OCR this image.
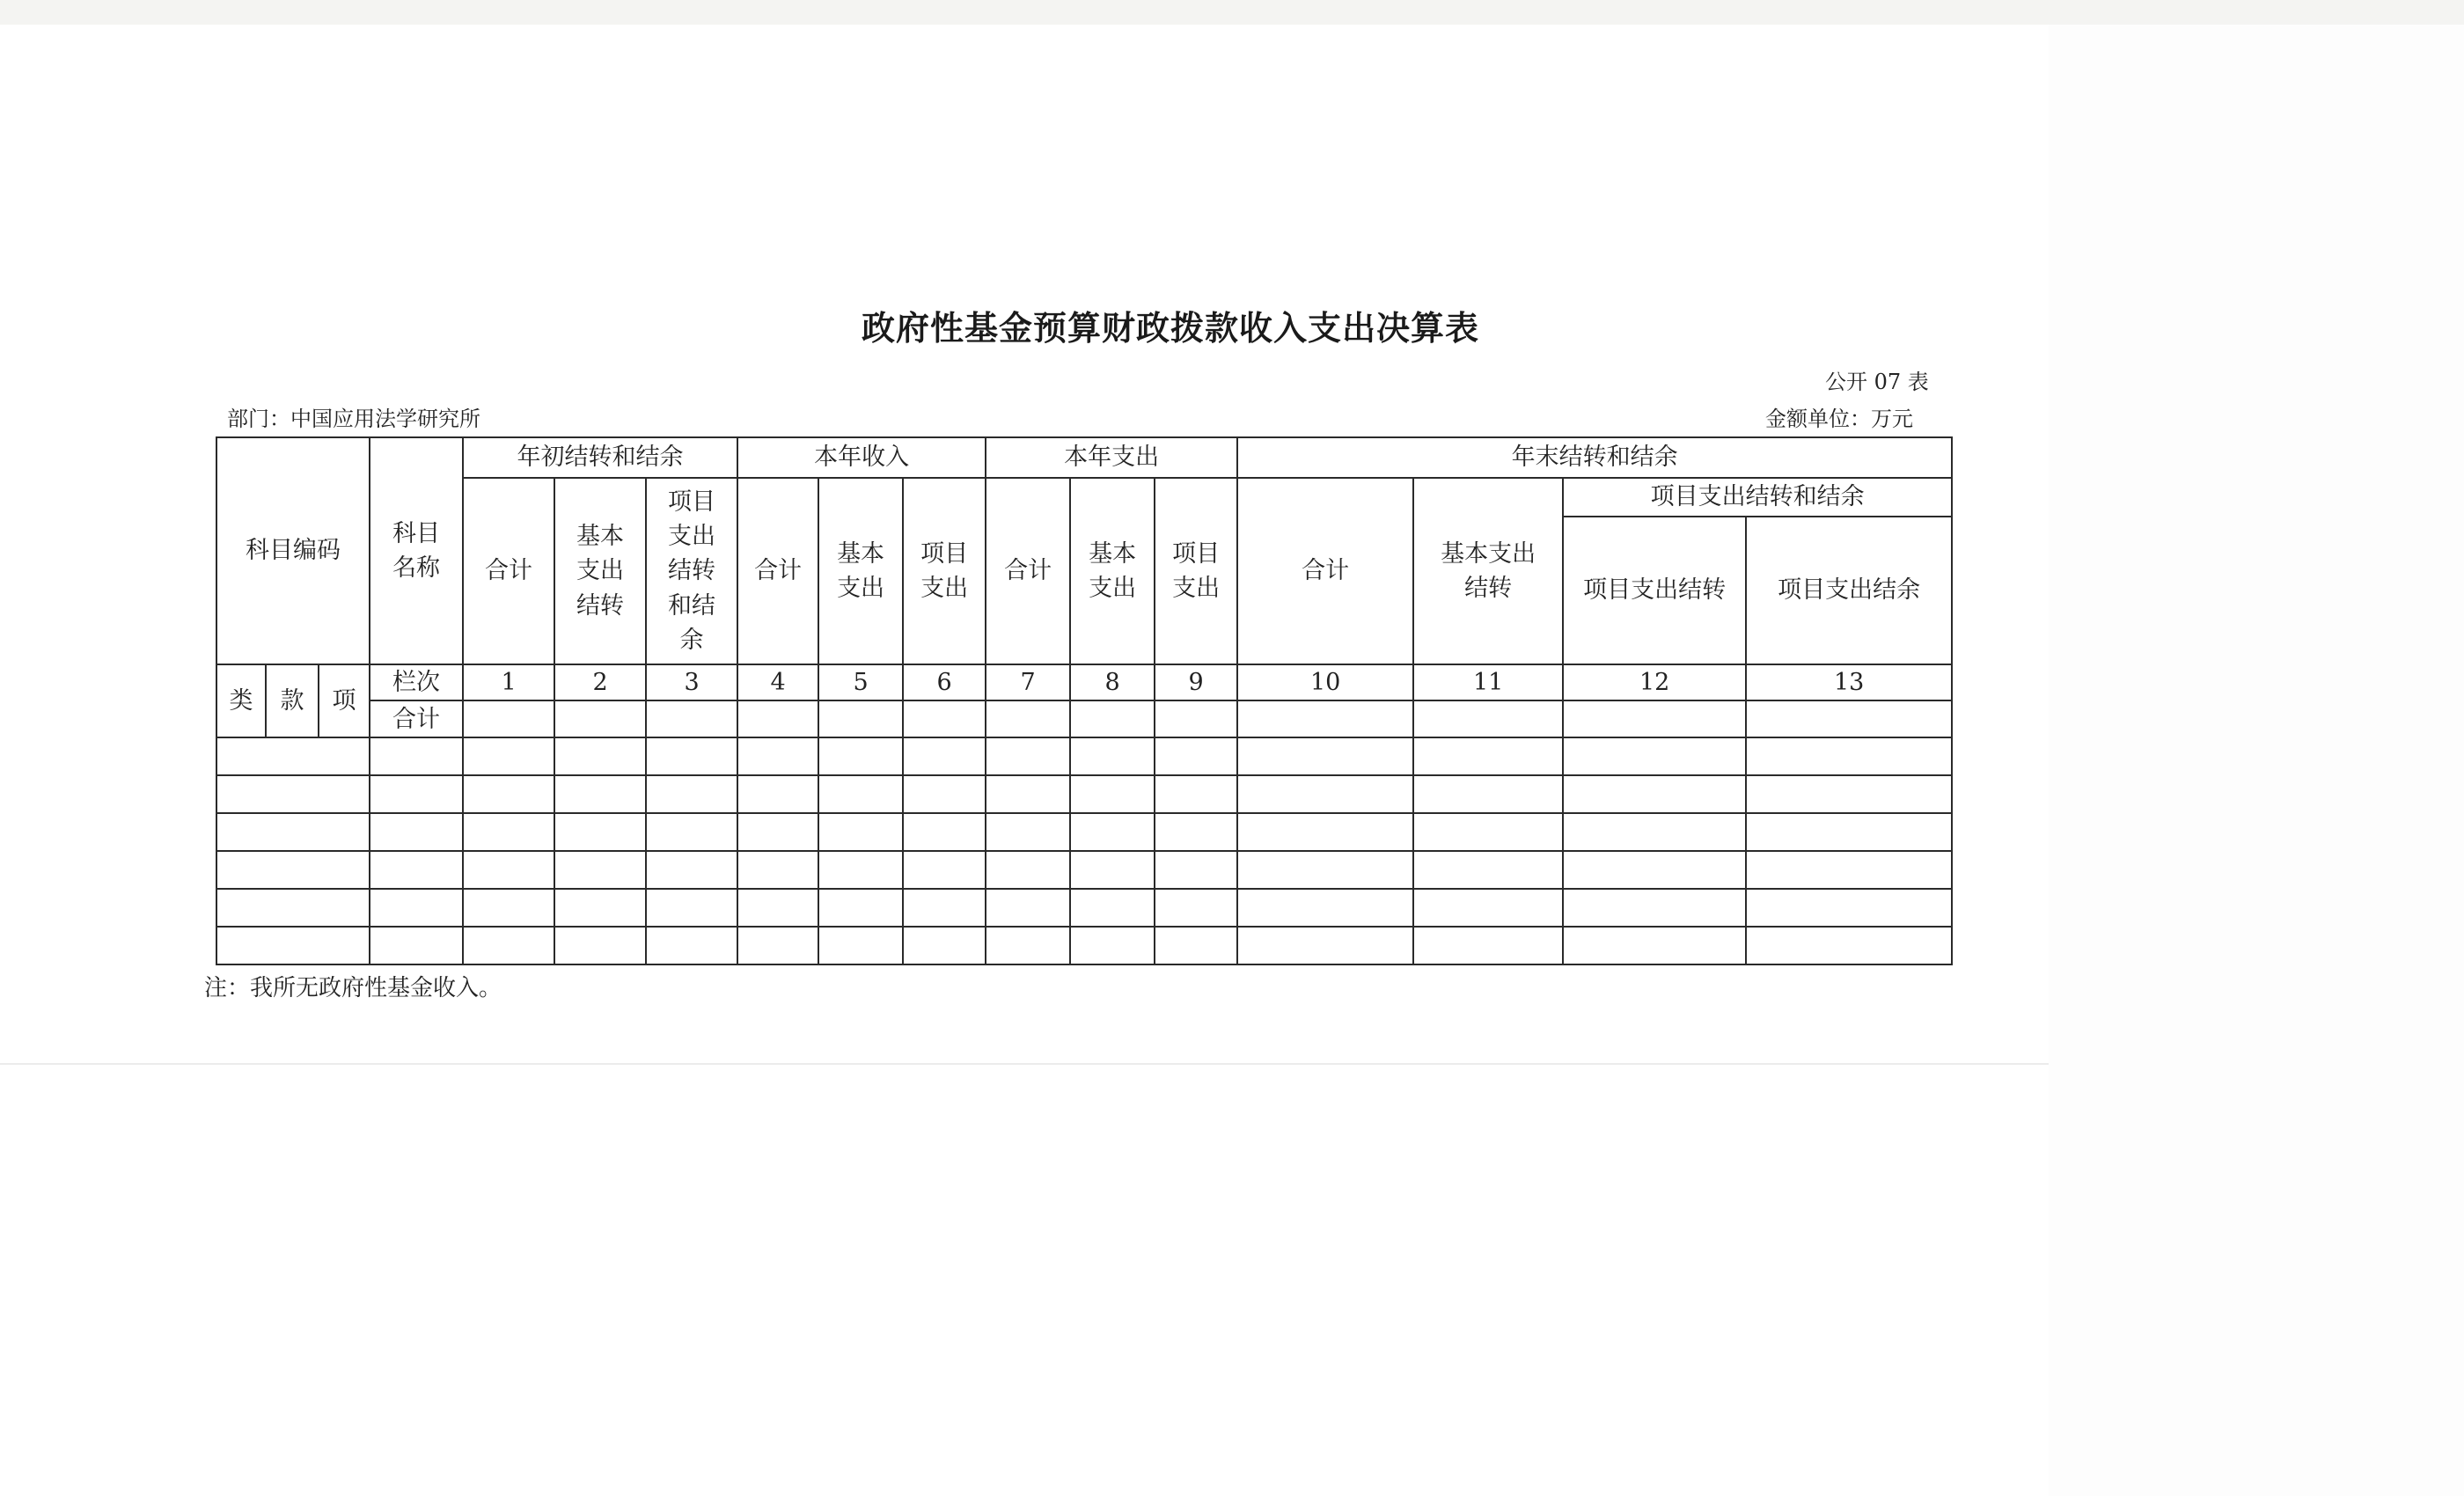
政府性基金预算财政拨款收入支出决算表
公开 07 表
部门：中国应用法学研究所	金额单位：万元
科目编码			科目名称	年初结转和结余			本年收入			本年支出			年末结转和结余			
				合计	基本支出结转	项目支出结转和结余	合计	基本支出	项目支出	合计	基本支出	项目支出	合计	基本支出结转	项目支出结转和结余	
															项目支出结转	项目支出结余
类	款	项	栏次	1	2	3	4	5	6	7	8	9	10	11	12	13
			合计													

注：我所无政府性基金收入。
